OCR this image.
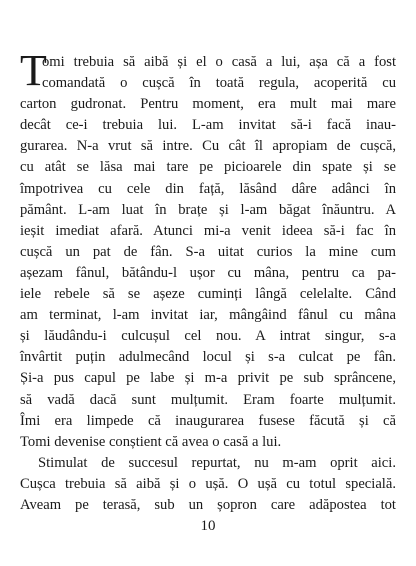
T
omi trebuia să aibă și el o casă a lui, așa că a fost
comandată o cușcă în toată regula, acoperită cu
carton gudronat. Pentru moment, era mult mai mare
decât ce-i trebuia lui. L-am invitat să-i facă inau-
gurarea. N-a vrut să intre. Cu cât îl apropiam de cușcă,
cu atât se lăsa mai tare pe picioarele din spate și se
împotrivea cu cele din față, lăsând dâre adânci în
pământ. L-am luat în brațe și l-am băgat înăuntru. A
ieșit imediat afară. Atunci mi-a venit ideea să-i fac în
cușcă un pat de fân. S-a uitat curios la mine cum
așezam fânul, bătându-l ușor cu mâna, pentru ca pa-
iele rebele să se așeze cuminți lângă celelalte. Când
am terminat, l-am invitat iar, mângâind fânul cu mâna
și lăudându-i culcușul cel nou. A intrat singur, s-a
învârtit puțin adulmecând locul și s-a culcat pe fân.
Și-a pus capul pe labe și m-a privit pe sub sprâncene,
să vadă dacă sunt mulțumit. Eram foarte mulțumit.
Îmi era limpede că inaugurarea fusese făcută și că
Tomi devenise conștient că avea o casă a lui.
Stimulat de succesul repurtat, nu m-am oprit aici.
Cușca trebuia să aibă și o ușă. O ușă cu totul specială.
Aveam pe terasă, sub un șopron care adăpostea tot
10
